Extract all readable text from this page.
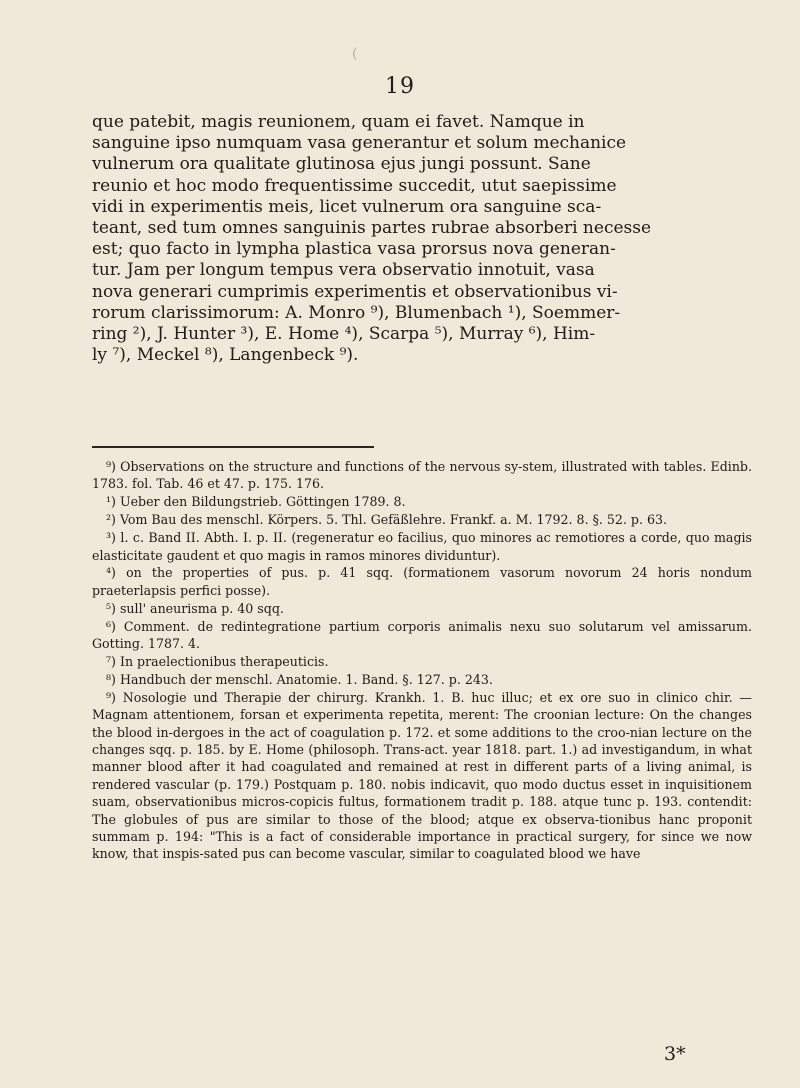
(
19
que patebit, magis reunionem, quam ei favet. Namque in
sanguine ipso numquam vasa generantur et solum mechanice
vulnerum ora qualitate glutinosa ejus jungi possunt. Sane
reunio et hoc modo frequentissime succedit, utut saepissime
vidi in experimentis meis, licet vulnerum ora sanguine sca-
teant, sed tum omnes sanguinis partes rubrae absorberi necesse
est; quo facto in lympha plastica vasa prorsus nova generan-
tur. Jam per longum tempus vera observatio innotuit, vasa
nova generari cumprimis experimentis et observationibus vi-
rorum clarissimorum: A. Monro ⁹), Blumenbach ¹), Soemmer-
ring ²), J. Hunter ³), E. Home ⁴), Scarpa ⁵), Murray ⁶), Him-
ly ⁷), Meckel ⁸), Langenbeck ⁹).
⁹) Observations on the structure and functions of the nervous sy-stem, illustrated with tables. Edinb. 1783. fol. Tab. 46 et 47. p. 175. 176.
¹) Ueber den Bildungstrieb. Göttingen 1789. 8.
²) Vom Bau des menschl. Körpers. 5. Thl. Gefäßlehre. Frankf. a. M. 1792. 8. §. 52. p. 63.
³) l. c. Band II. Abth. I. p. II. (regeneratur eo facilius, quo minores ac remotiores a corde, quo magis elasticitate gaudent et quo magis in ramos minores dividuntur).
⁴) on the properties of pus. p. 41 sqq. (formationem vasorum novorum 24 horis nondum praeterlapsis perfici posse).
⁵) sull' aneurisma p. 40 sqq.
⁶) Comment. de redintegratione partium corporis animalis nexu suo solutarum vel amissarum. Gotting. 1787. 4.
⁷) In praelectionibus therapeuticis.
⁸) Handbuch der menschl. Anatomie. 1. Band. §. 127. p. 243.
⁹) Nosologie und Therapie der chirurg. Krankh. 1. B. huc illuc; et ex ore suo in clinico chir. — Magnam attentionem, forsan et experimenta repetita, merent: The croonian lecture: On the changes the blood in-dergoes in the act of coagulation p. 172. et some additions to the croo-nian lecture on the changes sqq. p. 185. by E. Home (philosoph. Trans-act. year 1818. part. 1.) ad investigandum, in what manner blood after it had coagulated and remained at rest in different parts of a living animal, is rendered vascular (p. 179.) Postquam p. 180. nobis indicavit, quo modo ductus esset in inquisitionem suam, observationibus micros-copicis fultus, formationem tradit p. 188. atque tunc p. 193. contendit: The globules of pus are similar to those of the blood; atque ex observa-tionibus hanc proponit summam p. 194: "This is a fact of considerable importance in practical surgery, for since we now know, that inspis-sated pus can become vascular, similar to coagulated blood we have
3*
